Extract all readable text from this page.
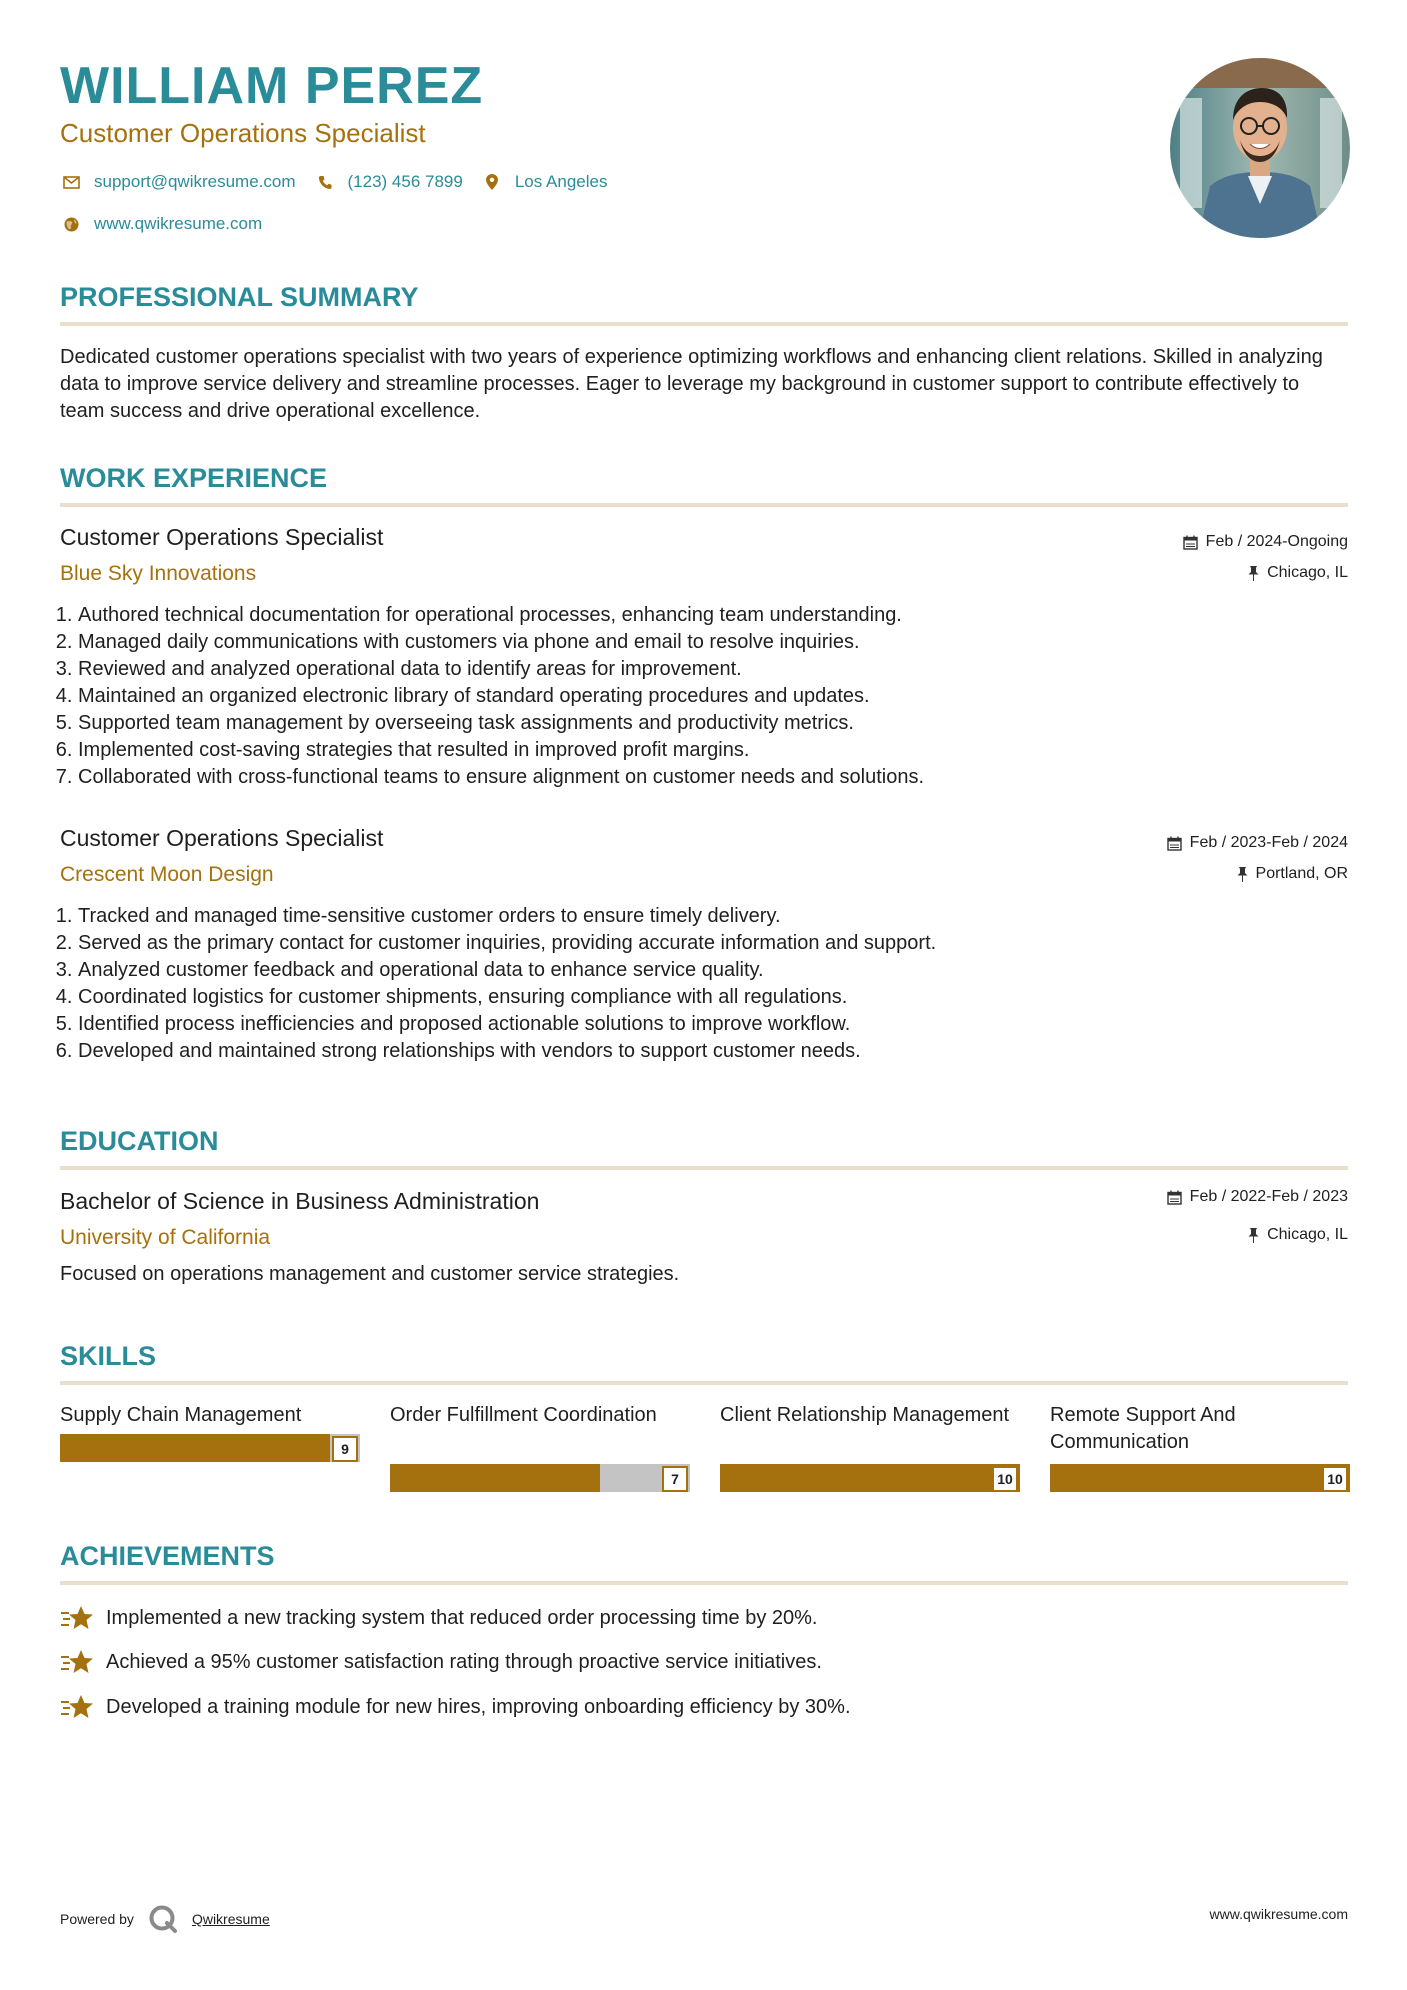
WILLIAM PEREZ
Customer Operations Specialist
support@qwikresume.com	(123) 456 7899	Los Angeles
www.qwikresume.com
PROFESSIONAL SUMMARY
Dedicated customer operations specialist with two years of experience optimizing workflows and enhancing client relations. Skilled in analyzing data to improve service delivery and streamline processes. Eager to leverage my background in customer support to contribute effectively to team success and drive operational excellence.
WORK EXPERIENCE
Customer Operations Specialist
Blue Sky Innovations
Feb / 2024-Ongoing
Chicago, IL
1. Authored technical documentation for operational processes, enhancing team understanding.
2. Managed daily communications with customers via phone and email to resolve inquiries.
3. Reviewed and analyzed operational data to identify areas for improvement.
4. Maintained an organized electronic library of standard operating procedures and updates.
5. Supported team management by overseeing task assignments and productivity metrics.
6. Implemented cost-saving strategies that resulted in improved profit margins.
7. Collaborated with cross-functional teams to ensure alignment on customer needs and solutions.
Customer Operations Specialist
Crescent Moon Design
Feb / 2023-Feb / 2024
Portland, OR
1. Tracked and managed time-sensitive customer orders to ensure timely delivery.
2. Served as the primary contact for customer inquiries, providing accurate information and support.
3. Analyzed customer feedback and operational data to enhance service quality.
4. Coordinated logistics for customer shipments, ensuring compliance with all regulations.
5. Identified process inefficiencies and proposed actionable solutions to improve workflow.
6. Developed and maintained strong relationships with vendors to support customer needs.
EDUCATION
Bachelor of Science in Business Administration
University of California
Feb / 2022-Feb / 2023
Chicago, IL
Focused on operations management and customer service strategies.
SKILLS
Supply Chain Management
9
Order Fulfillment Coordination
7
Client Relationship Management
10
Remote Support And Communication
10
ACHIEVEMENTS
Implemented a new tracking system that reduced order processing time by 20%.
Achieved a 95% customer satisfaction rating through proactive service initiatives.
Developed a training module for new hires, improving onboarding efficiency by 30%.
Powered by	Qwikresume	www.qwikresume.com
